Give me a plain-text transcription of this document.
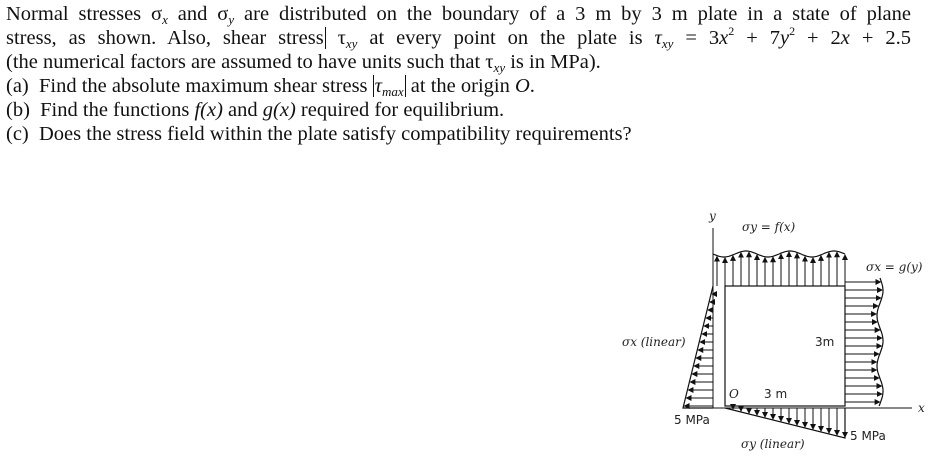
Normal stresses $\sigma_x$ and $\sigma_y$ are distributed on the boundary of a 3 m by 3 m plate in a state of plane
stress, as shown. Also, shear stress $\tau_{xy}$ at every point on the plate is $\tau_{xy} = 3x^2 + 7y^2 + 2x + 2.5$
(the numerical factors are assumed to have units such that $\tau_{xy}$ is in MPa).
(a)  Find the absolute maximum shear stress $\tau_{max}$ at the origin O.
(b)  Find the functions f(x) and g(x) required for equilibrium.
(c)  Does the stress field within the plate satisfy compatibility requirements?
y
x
σy = f(x)
σx = g(y)
σx (linear)
σy (linear)
O 3 m
3m
5 MPa
5 MPa
